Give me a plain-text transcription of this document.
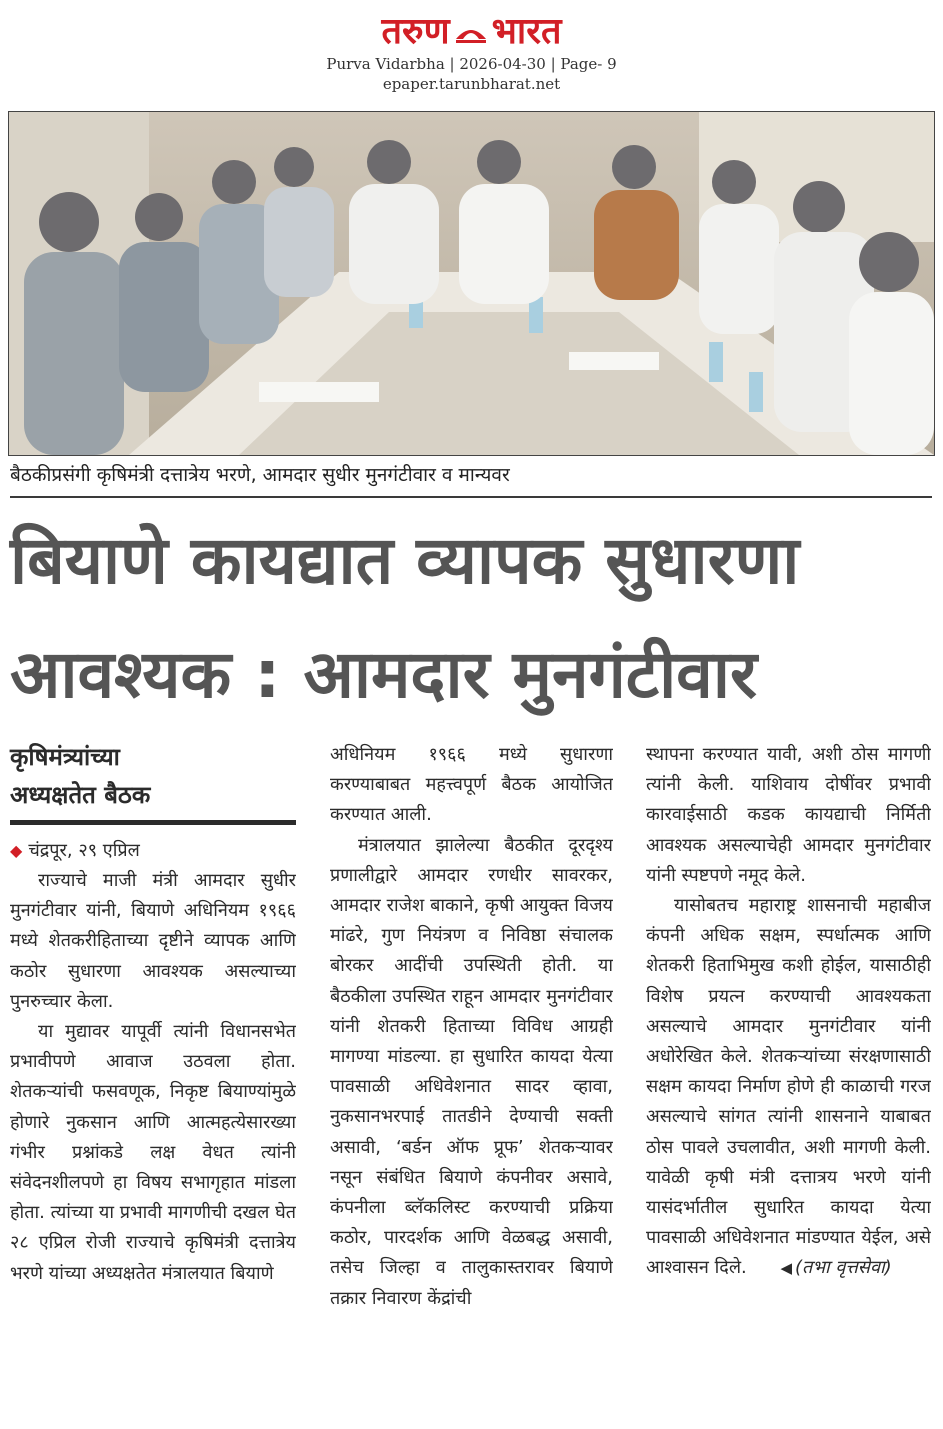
तरुण भारत
Purva Vidarbha | 2026-04-30 | Page- 9
epaper.tarunbharat.net
बैठकीप्रसंगी कृषिमंत्री दत्तात्रेय भरणे, आमदार सुधीर मुनगंटीवार व मान्यवर
बियाणे कायद्यात व्यापक सुधारणा
आवश्यक : आमदार मुनगंटीवार
कृषिमंत्र्यांच्या
अध्यक्षतेत बैठक
◆ चंद्रपूर, २९ एप्रिल

राज्याचे माजी मंत्री आमदार सुधीर मुनगंटीवार यांनी, बियाणे अधिनियम १९६६ मध्ये शेतकरीहिताच्या दृष्टीने व्यापक आणि कठोर सुधारणा आवश्यक असल्याच्या पुनरुच्चार केला.

या मुद्यावर यापूर्वी त्यांनी विधानसभेत प्रभावीपणे आवाज उठवला होता. शेतकऱ्यांची फसवणूक, निकृष्ट बियाण्यांमुळे होणारे नुकसान आणि आत्महत्येसारख्या गंभीर प्रश्नांकडे लक्ष वेधत त्यांनी संवेदनशीलपणे हा विषय सभागृहात मांडला होता. त्यांच्या या प्रभावी मागणीची दखल घेत २८ एप्रिल रोजी राज्याचे कृषिमंत्री दत्तात्रेय भरणे यांच्या अध्यक्षतेत मंत्रालयात बियाणे

अधिनियम १९६६ मध्ये सुधारणा करण्याबाबत महत्त्वपूर्ण बैठक आयोजित करण्यात आली.

मंत्रालयात झालेल्या बैठकीत दूरदृश्य प्रणालीद्वारे आमदार रणधीर सावरकर, आमदार राजेश बाकाने, कृषी आयुक्त विजय मांढरे, गुण नियंत्रण व निविष्ठा संचालक बोरकर आदींची उपस्थिती होती. या बैठकीला उपस्थित राहून आमदार मुनगंटीवार यांनी शेतकरी हिताच्या विविध आग्रही मागण्या मांडल्या. हा सुधारित कायदा येत्या पावसाळी अधिवेशनात सादर व्हावा, नुकसानभरपाई तातडीने देण्याची सक्ती असावी, ‘बर्डन ऑफ प्रूफ’ शेतकऱ्यावर नसून संबंधित बियाणे कंपनीवर असावे, कंपनीला ब्लॅकलिस्ट करण्याची प्रक्रिया कठोर, पारदर्शक आणि वेळबद्ध असावी, तसेच जिल्हा व तालुकास्तरावर बियाणे तक्रार निवारण केंद्रांची

स्थापना करण्यात यावी, अशी ठोस मागणी त्यांनी केली. याशिवाय दोषींवर प्रभावी कारवाईसाठी कडक कायद्याची निर्मिती आवश्यक असल्याचेही आमदार मुनगंटीवार यांनी स्पष्टपणे नमूद केले.

यासोबतच महाराष्ट्र शासनाची महाबीज कंपनी अधिक सक्षम, स्पर्धात्मक आणि शेतकरी हिताभिमुख कशी होईल, यासाठीही विशेष प्रयत्न करण्याची आवश्यकता असल्याचे आमदार मुनगंटीवार यांनी अधोरेखित केले. शेतकऱ्यांच्या संरक्षणासाठी सक्षम कायदा निर्माण होणे ही काळाची गरज असल्याचे सांगत त्यांनी शासनाने याबाबत ठोस पावले उचलावीत, अशी मागणी केली. यावेळी कृषी मंत्री दत्तात्रय भरणे यांनी यासंदर्भातील सुधारित कायदा येत्या पावसाळी अधिवेशनात मांडण्यात येईल, असे आश्वासन दिले. ◀ (तभा वृत्तसेवा)
